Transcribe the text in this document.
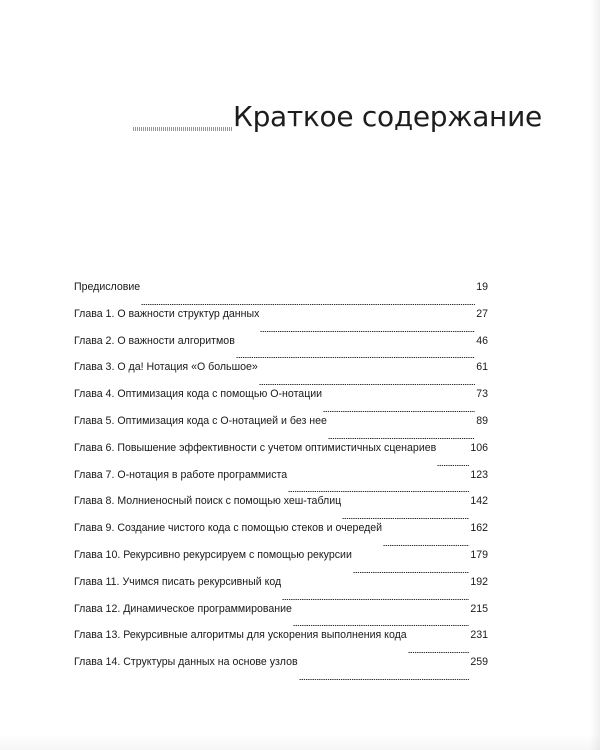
Краткое содержание
Предисловие	19
Глава 1. О важности структур данных	27
Глава 2. О важности алгоритмов	46
Глава 3. О да! Нотация «О большое»	61
Глава 4. Оптимизация кода с помощью О-нотации	73
Глава 5. Оптимизация кода с О-нотацией и без нее	89
Глава 6. Повышение эффективности с учетом оптимистичных сценариев	106
Глава 7. О-нотация в работе программиста	123
Глава 8. Молниеносный поиск с помощью хеш-таблиц	142
Глава 9. Создание чистого кода с помощью стеков и очередей	162
Глава 10. Рекурсивно рекурсируем с помощью рекурсии	179
Глава 11. Учимся писать рекурсивный код	192
Глава 12. Динамическое программирование	215
Глава 13. Рекурсивные алгоритмы для ускорения выполнения кода	231
Глава 14. Структуры данных на основе узлов	259
